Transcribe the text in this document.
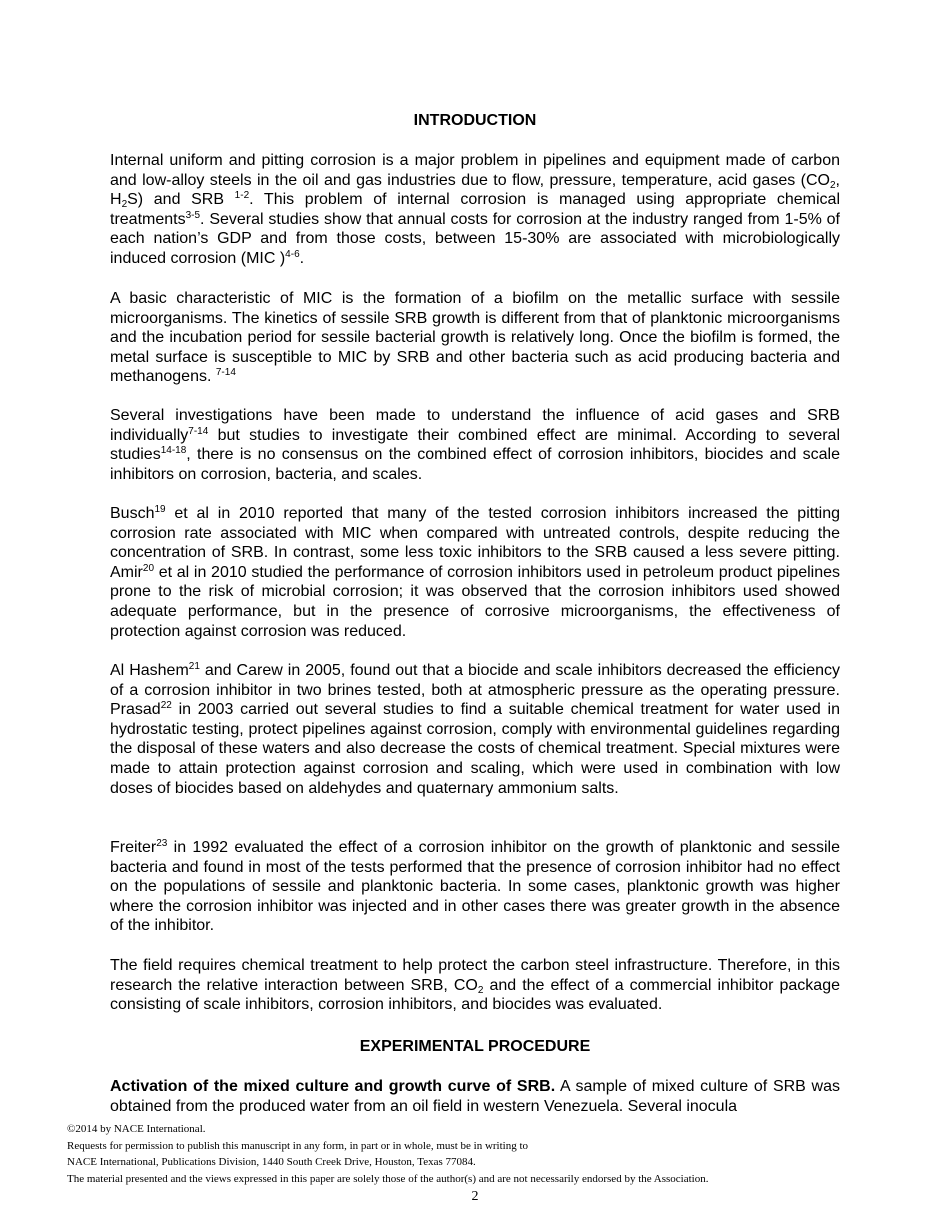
INTRODUCTION

Internal uniform and pitting corrosion is a major problem in pipelines and equipment made of carbon and low-alloy steels in the oil and gas industries due to flow, pressure, temperature, acid gases ($CO_2$, $H_2S$) and SRB $^{1-2}$. This problem of internal corrosion is managed using appropriate chemical treatments$^{3-5}$. Several studies show that annual costs for corrosion at the industry ranged from 1-5% of each nation’s GDP and from those costs, between 15-30% are associated with microbiologically induced corrosion (MIC )$^{4-6}$.

A basic characteristic of MIC is the formation of a biofilm on the metallic surface with sessile microorganisms. The kinetics of sessile SRB growth is different from that of planktonic microorganisms and the incubation period for sessile bacterial growth is relatively long. Once the biofilm is formed, the metal surface is susceptible to MIC by SRB and other bacteria such as acid producing bacteria and methanogens. $^{7-14}$

Several investigations have been made to understand the influence of acid gases and SRB individually$^{7-14}$ but studies to investigate their combined effect are minimal. According to several studies$^{14-18}$, there is no consensus on the combined effect of corrosion inhibitors, biocides and scale inhibitors on corrosion, bacteria, and scales.

Busch$^{19}$ et al in 2010 reported that many of the tested corrosion inhibitors increased the pitting corrosion rate associated with MIC when compared with untreated controls, despite reducing the concentration of SRB. In contrast, some less toxic inhibitors to the SRB caused a less severe pitting. Amir$^{20}$ et al in 2010 studied the performance of corrosion inhibitors used in petroleum product pipelines prone to the risk of microbial corrosion; it was observed that the corrosion inhibitors used showed adequate performance, but in the presence of corrosive microorganisms, the effectiveness of protection against corrosion was reduced.

Al Hashem$^{21}$ and Carew in 2005, found out that a biocide and scale inhibitors decreased the efficiency of a corrosion inhibitor in two brines tested, both at atmospheric pressure as the operating pressure. Prasad$^{22}$ in 2003 carried out several studies to find a suitable chemical treatment for water used in hydrostatic testing, protect pipelines against corrosion, comply with environmental guidelines regarding the disposal of these waters and also decrease the costs of chemical treatment. Special mixtures were made to attain protection against corrosion and scaling, which were used in combination with low doses of biocides based on aldehydes and quaternary ammonium salts.

Freiter$^{23}$ in 1992 evaluated the effect of a corrosion inhibitor on the growth of planktonic and sessile bacteria and found in most of the tests performed that the presence of corrosion inhibitor had no effect on the populations of sessile and planktonic bacteria. In some cases, planktonic growth was higher where the corrosion inhibitor was injected and in other cases there was greater growth in the absence of the inhibitor.

The field requires chemical treatment to help protect the carbon steel infrastructure. Therefore, in this research the relative interaction between SRB, $CO_2$ and the effect of a commercial inhibitor package consisting of scale inhibitors, corrosion inhibitors, and biocides was evaluated.

EXPERIMENTAL PROCEDURE

Activation of the mixed culture and growth curve of SRB. A sample of mixed culture of SRB was obtained from the produced water from an oil field in western Venezuela. Several inocula

©2014 by NACE International.
Requests for permission to publish this manuscript in any form, in part or in whole, must be in writing to
NACE International, Publications Division, 1440 South Creek Drive, Houston, Texas 77084.
The material presented and the views expressed in this paper are solely those of the author(s) and are not necessarily endorsed by the Association.
2
